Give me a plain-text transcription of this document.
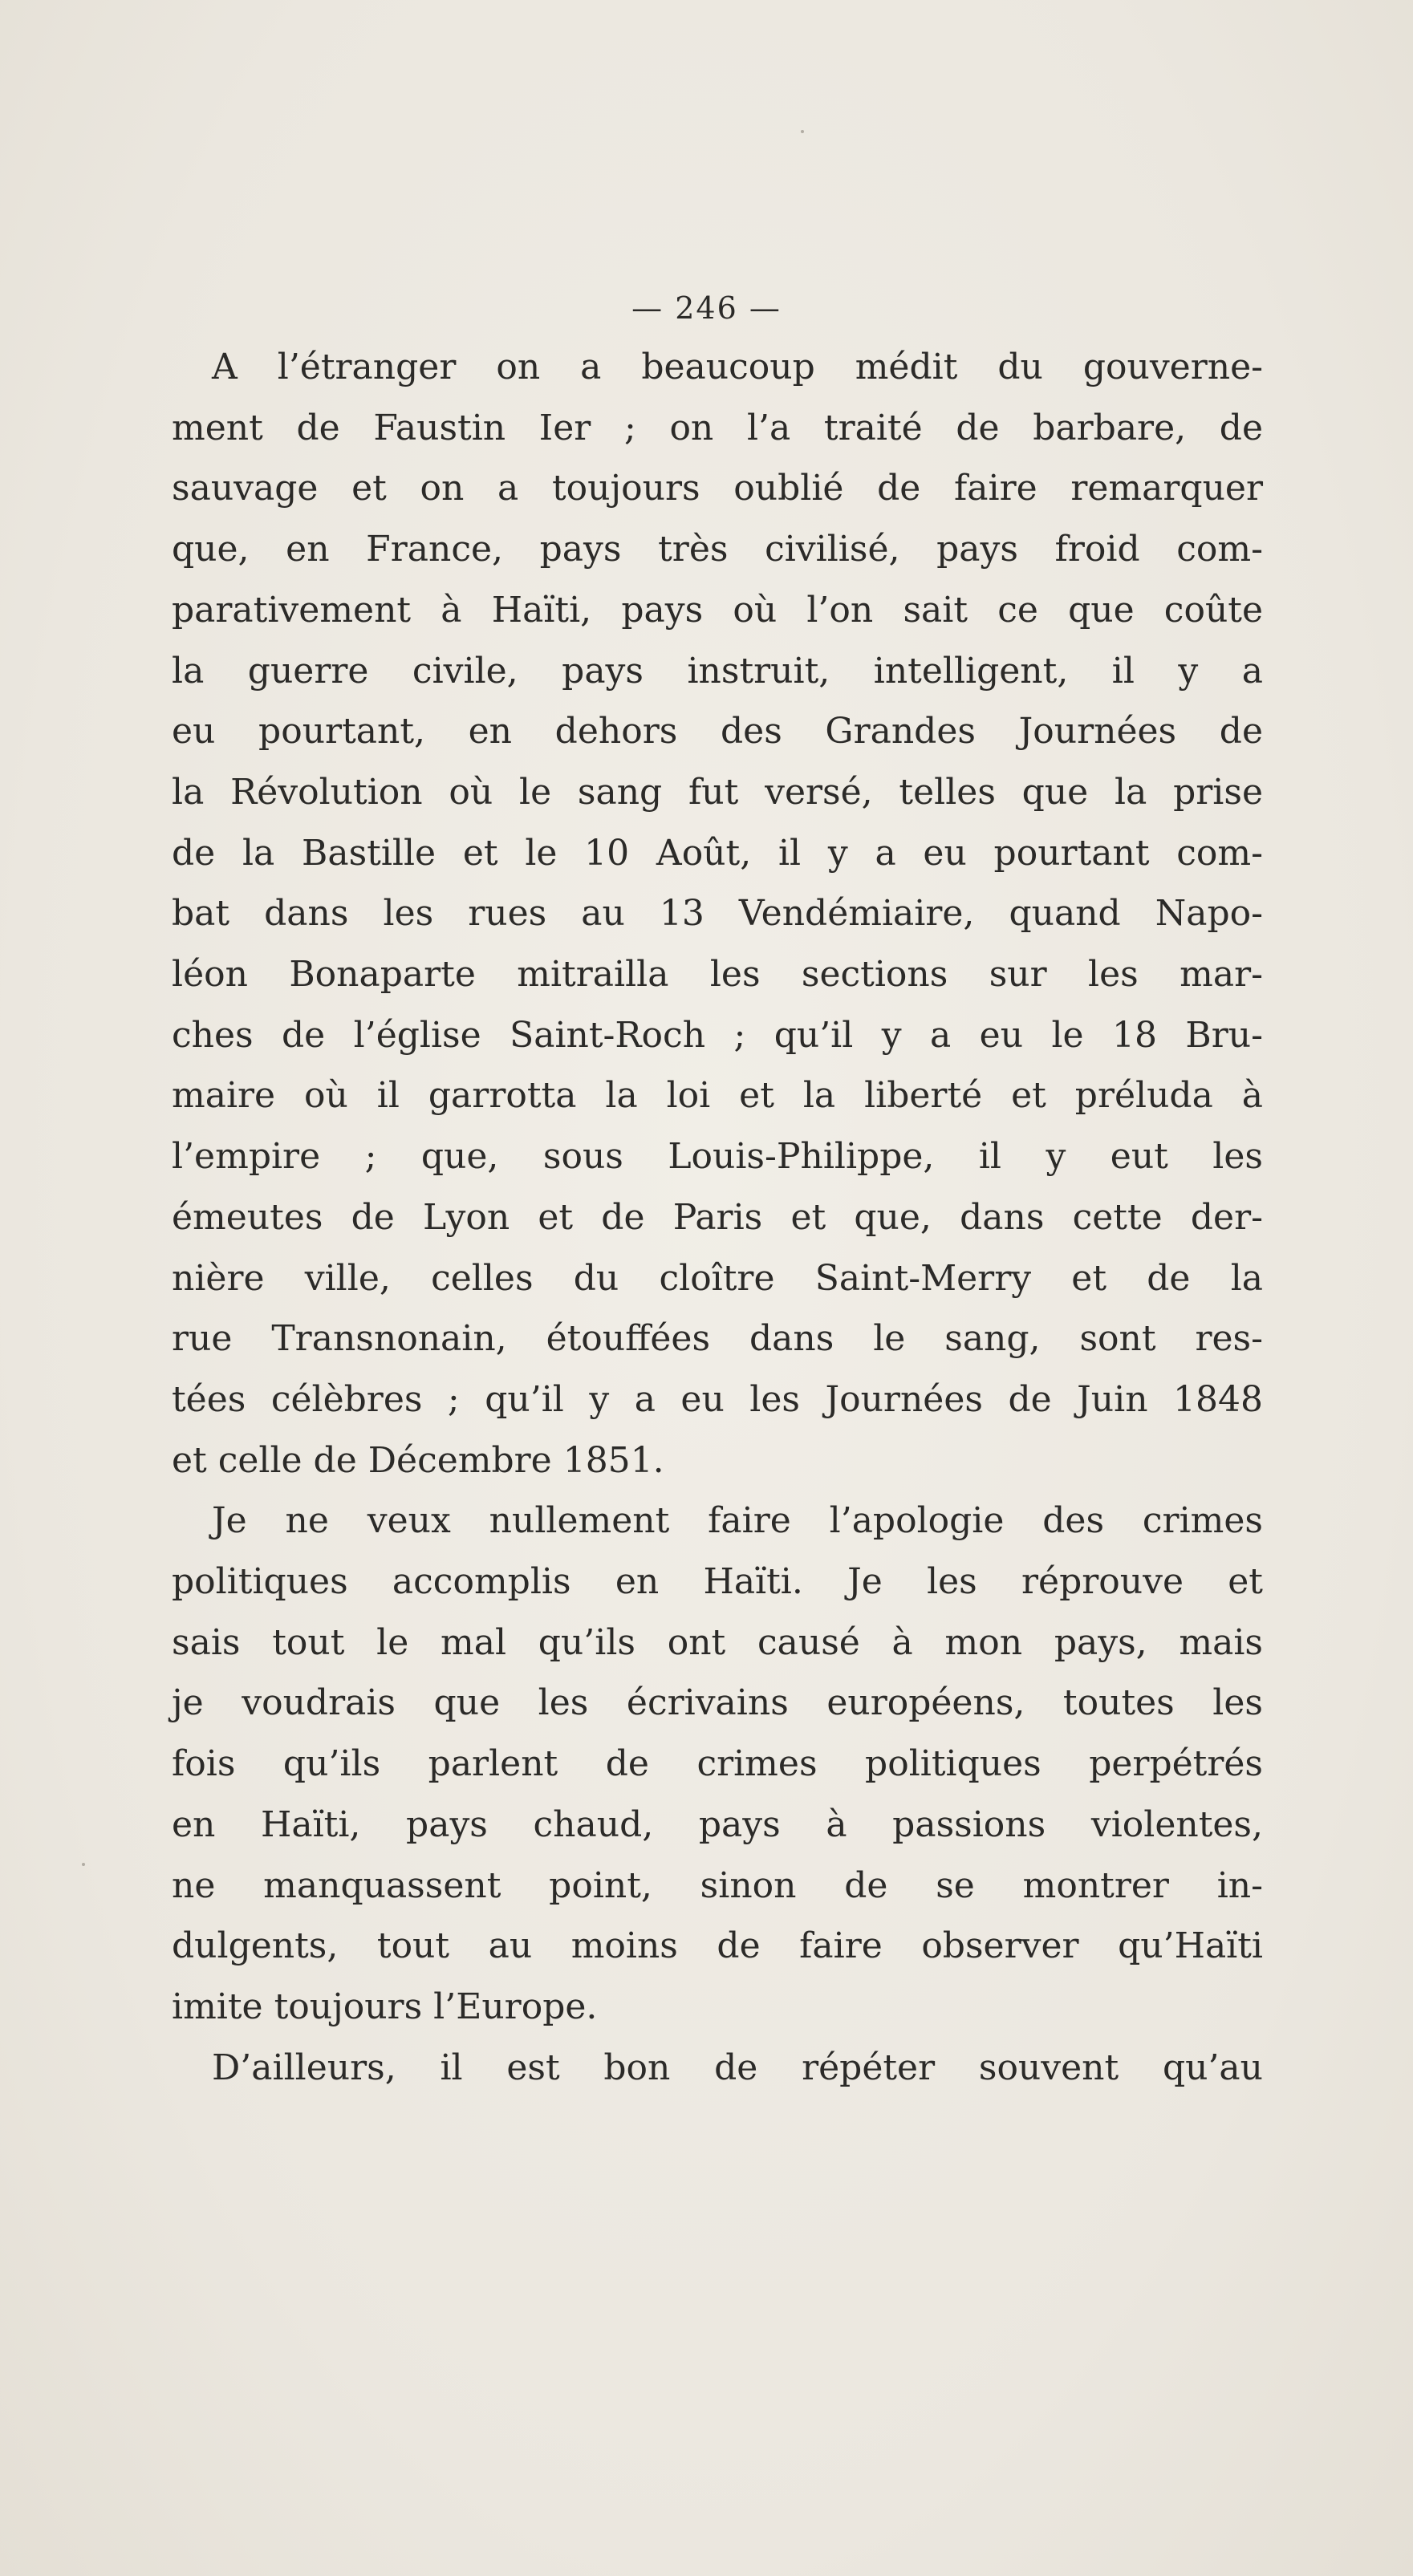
— 246 —
A l’étranger on a beaucoup médit du gouverne-
ment de Faustin Ier ; on l’a traité de barbare, de
sauvage et on a toujours oublié de faire remarquer
que, en France, pays très civilisé, pays froid com-
parativement à Haïti, pays où l’on sait ce que coûte
la guerre civile, pays instruit, intelligent, il y a
eu pourtant, en dehors des Grandes Journées de
la Révolution où le sang fut versé, telles que la prise
de la Bastille et le 10 Août, il y a eu pourtant com-
bat dans les rues au 13 Vendémiaire, quand Napo-
léon Bonaparte mitrailla les sections sur les mar-
ches de l’église Saint-Roch ; qu’il y a eu le 18 Bru-
maire où il garrotta la loi et la liberté et préluda à
l’empire ; que, sous Louis-Philippe, il y eut les
émeutes de Lyon et de Paris et que, dans cette der-
nière ville, celles du cloître Saint-Merry et de la
rue Transnonain, étouffées dans le sang, sont res-
tées célèbres ; qu’il y a eu les Journées de Juin 1848
et celle de Décembre 1851.
Je ne veux nullement faire l’apologie des crimes
politiques accomplis en Haïti. Je les réprouve et
sais tout le mal qu’ils ont causé à mon pays, mais
je voudrais que les écrivains européens, toutes les
fois qu’ils parlent de crimes politiques perpétrés
en Haïti, pays chaud, pays à passions violentes,
ne manquassent point, sinon de se montrer in-
dulgents, tout au moins de faire observer qu’Haïti
imite toujours l’Europe.
D’ailleurs, il est bon de répéter souvent qu’au
